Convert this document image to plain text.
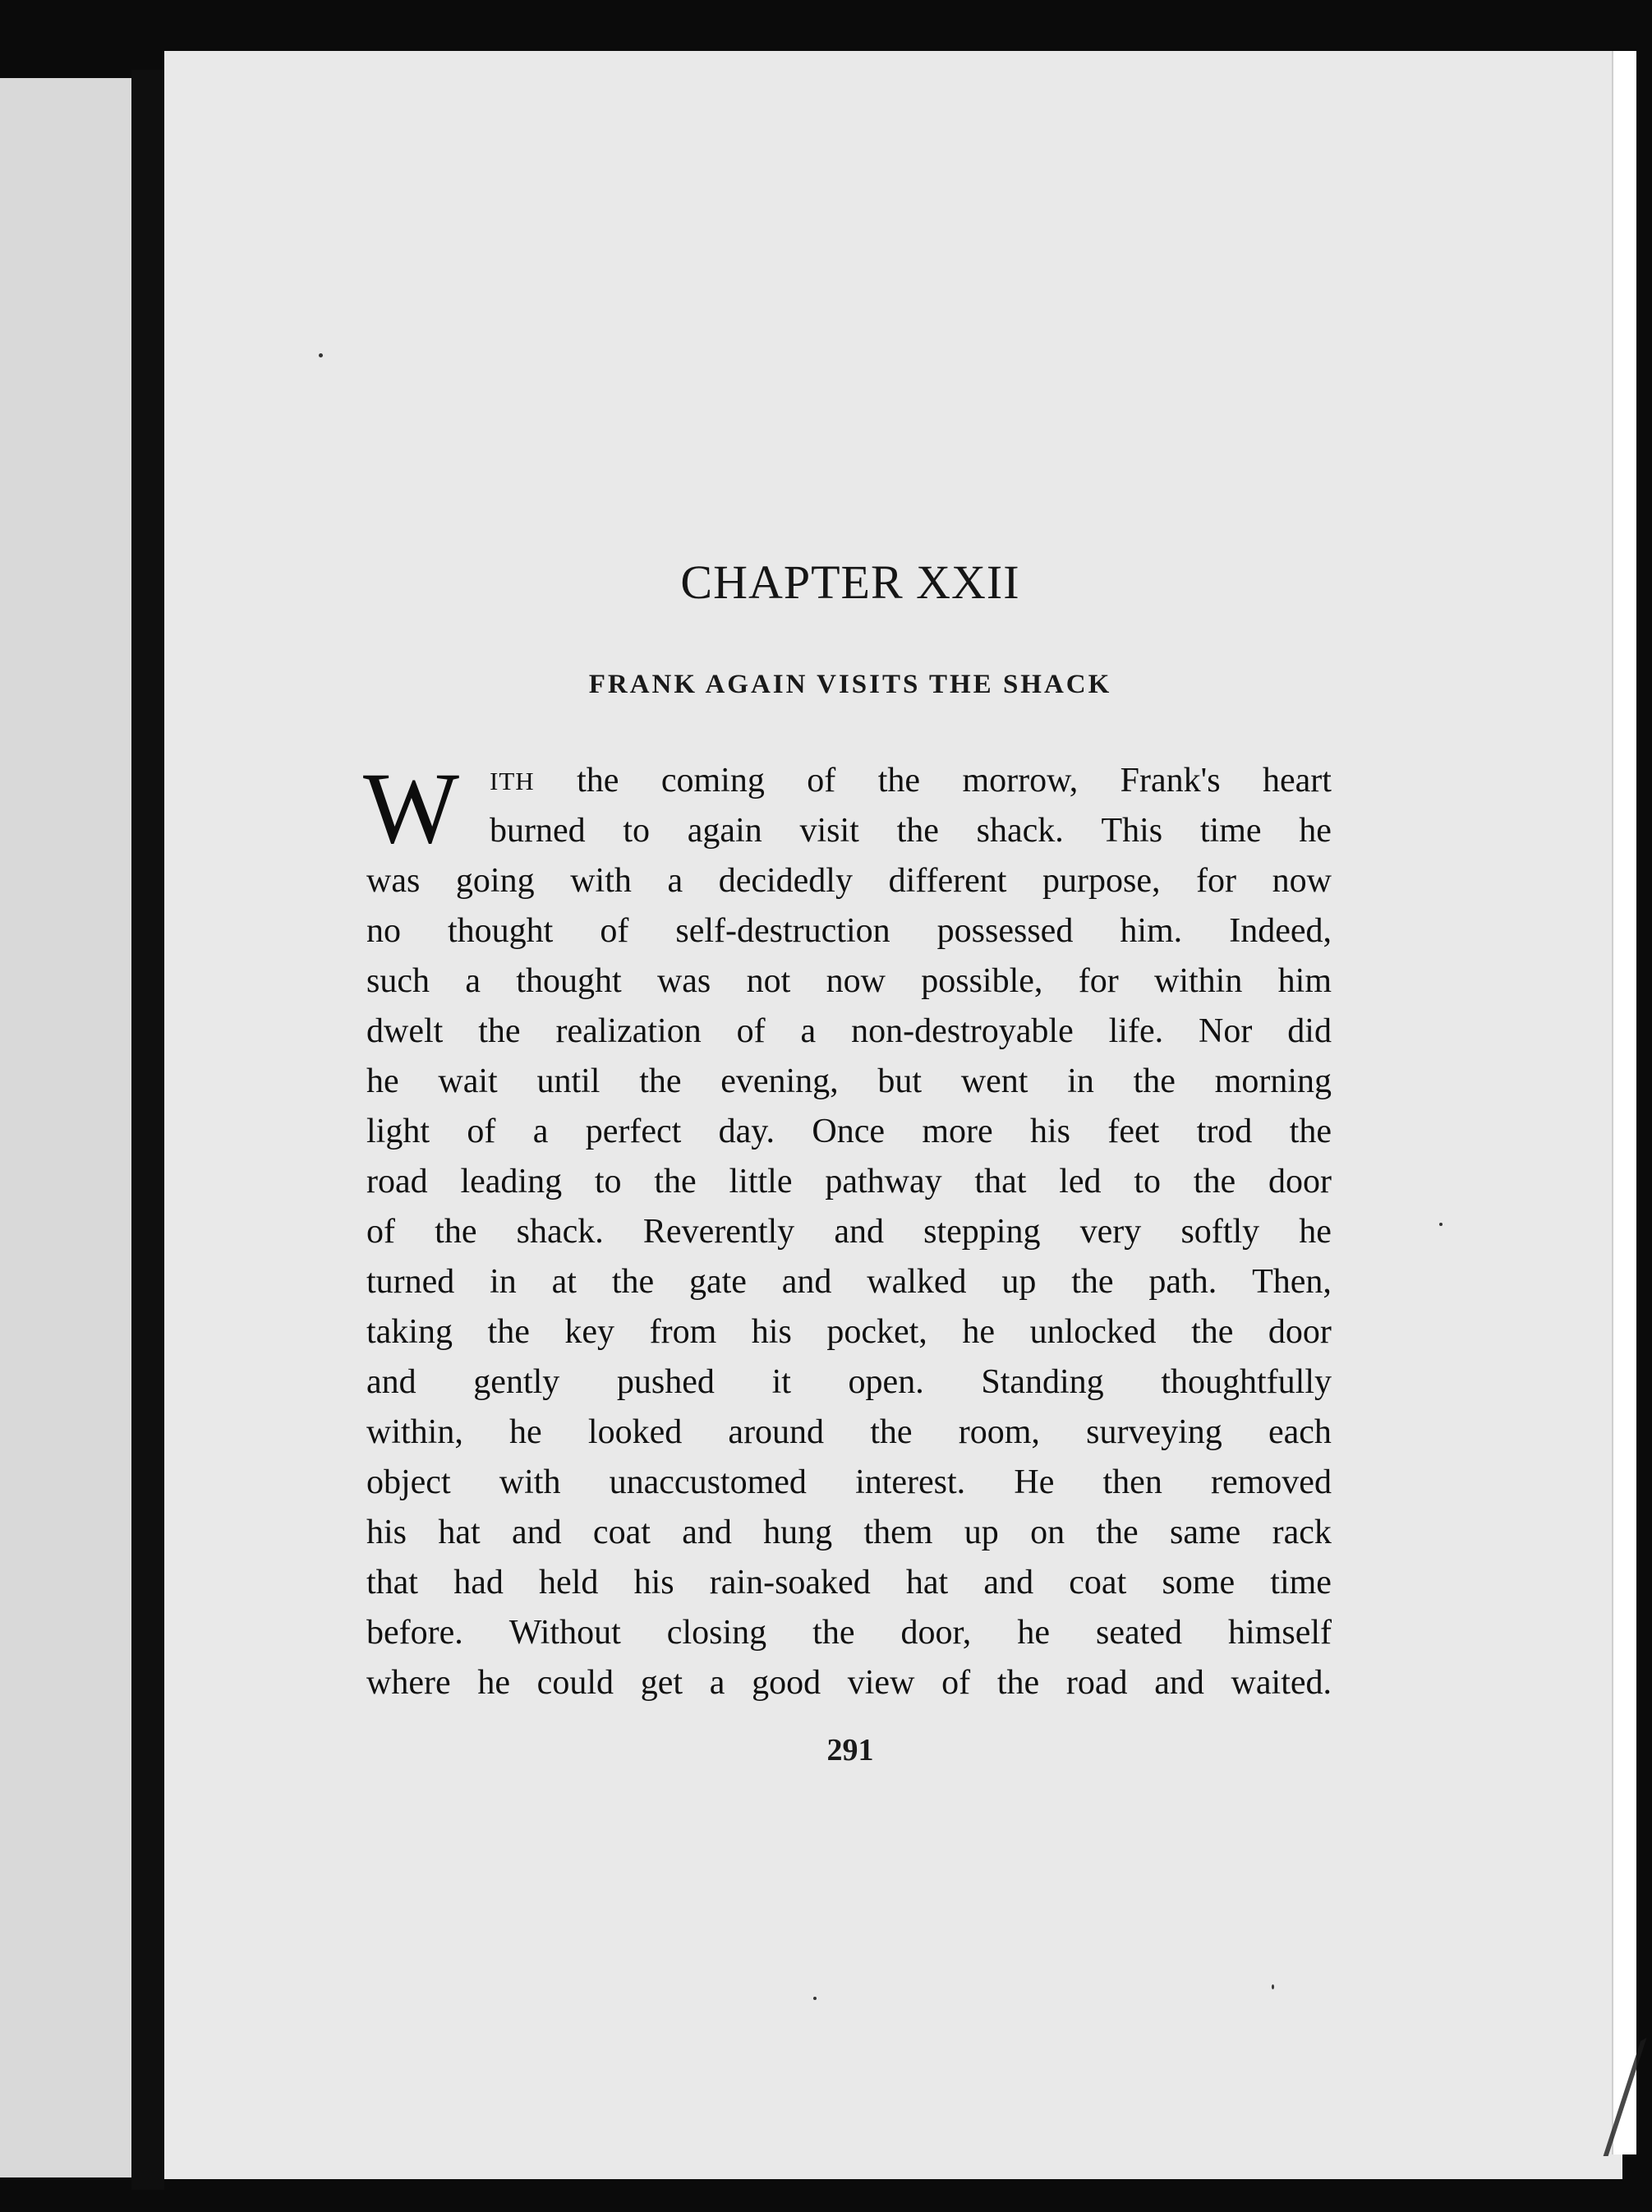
CHAPTER XXII
FRANK AGAIN VISITS THE SHACK
W ITH the coming of the morrow, Frank's heart
burned to again visit the shack. This time he
was going with a decidedly different purpose, for now
no thought of self-destruction possessed him. Indeed,
such a thought was not now possible, for within him
dwelt the realization of a non-destroyable life. Nor did
he wait until the evening, but went in the morning
light of a perfect day. Once more his feet trod the
road leading to the little pathway that led to the door
of the shack. Reverently and stepping very softly he
turned in at the gate and walked up the path. Then,
taking the key from his pocket, he unlocked the door
and gently pushed it open. Standing thoughtfully
within, he looked around the room, surveying each
object with unaccustomed interest. He then removed
his hat and coat and hung them up on the same rack
that had held his rain-soaked hat and coat some time
before. Without closing the door, he seated himself
where he could get a good view of the road and waited.
291
